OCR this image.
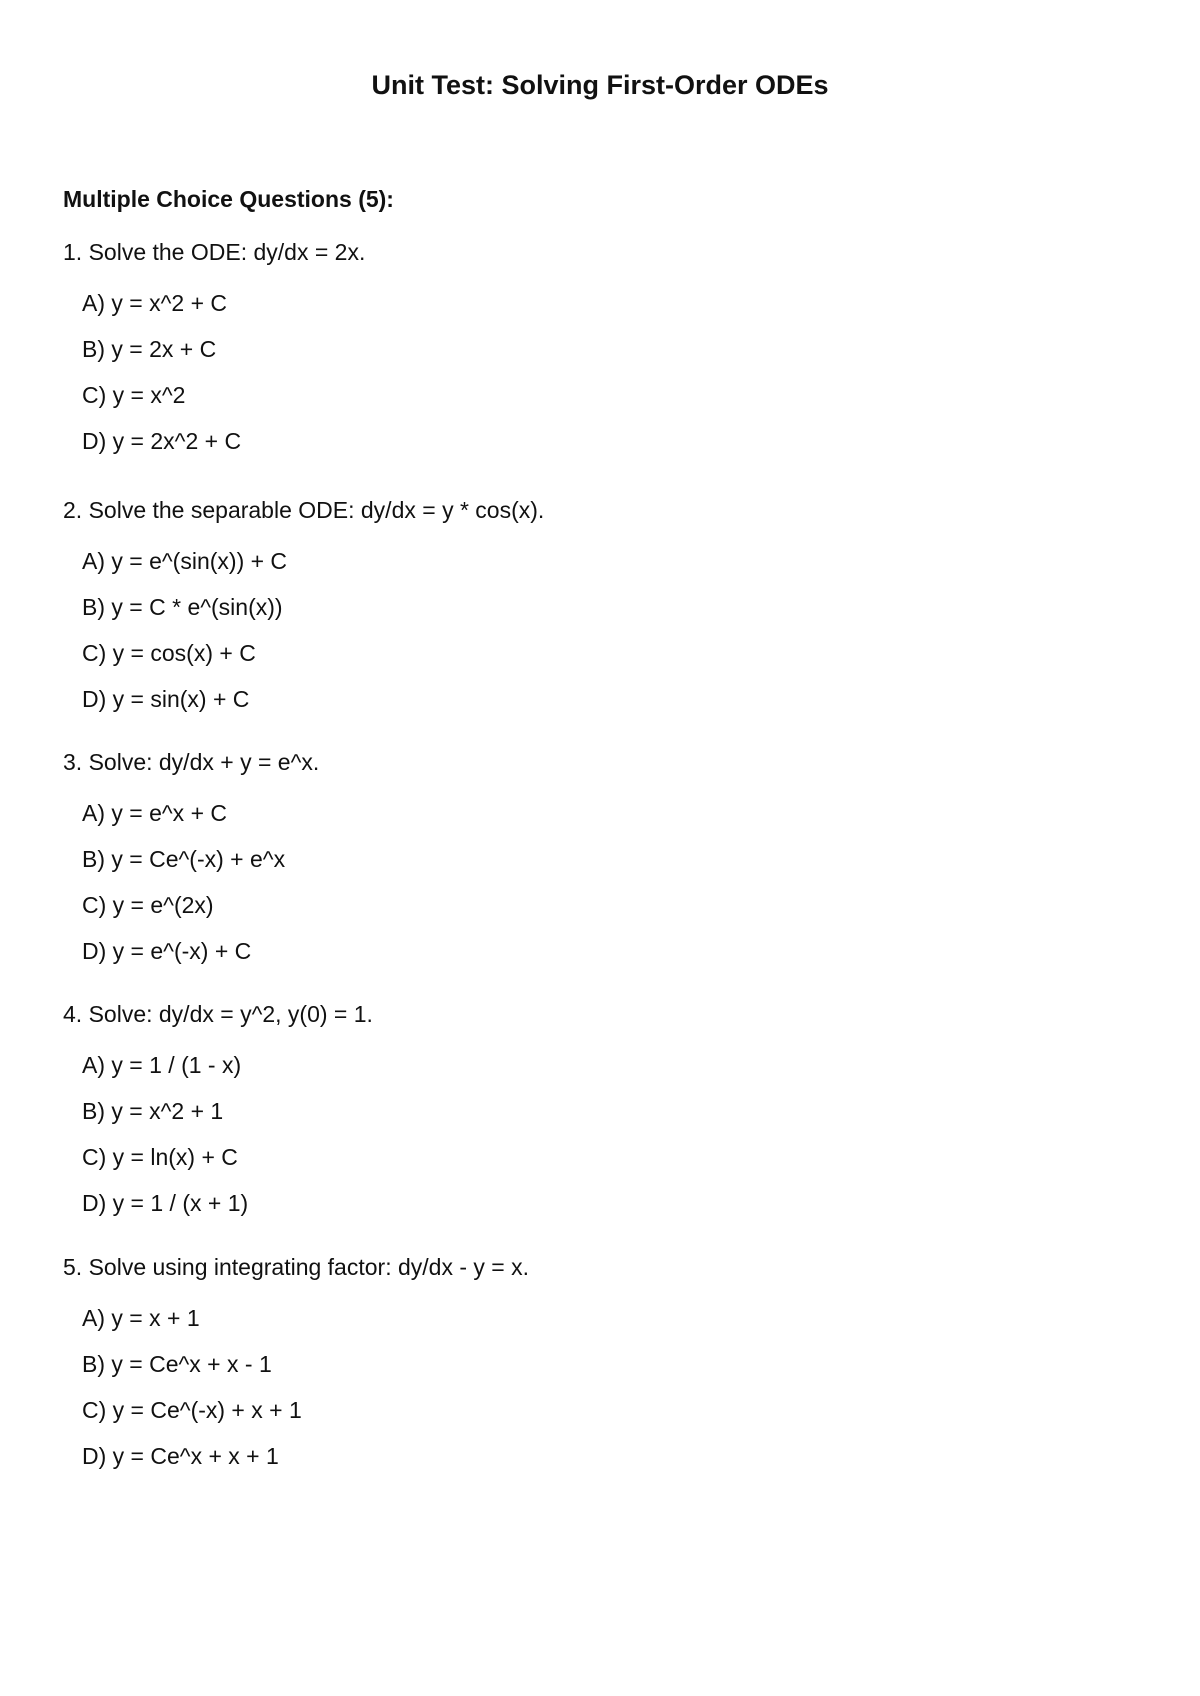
Unit Test: Solving First-Order ODEs
Multiple Choice Questions (5):

1. Solve the ODE: dy/dx = 2x.

A) y = x^2 + C
B) y = 2x + C
C) y = x^2
D) y = 2x^2 + C

2. Solve the separable ODE: dy/dx = y * cos(x).

A) y = e^(sin(x)) + C
B) y = C * e^(sin(x))
C) y = cos(x) + C
D) y = sin(x) + C

3. Solve: dy/dx + y = e^x.

A) y = e^x + C
B) y = Ce^(-x) + e^x
C) y = e^(2x)
D) y = e^(-x) + C

4. Solve: dy/dx = y^2, y(0) = 1.

A) y = 1 / (1 - x)
B) y = x^2 + 1
C) y = ln(x) + C
D) y = 1 / (x + 1)

5. Solve using integrating factor: dy/dx - y = x.

A) y = x + 1
B) y = Ce^x + x - 1
C) y = Ce^(-x) + x + 1
D) y = Ce^x + x + 1
